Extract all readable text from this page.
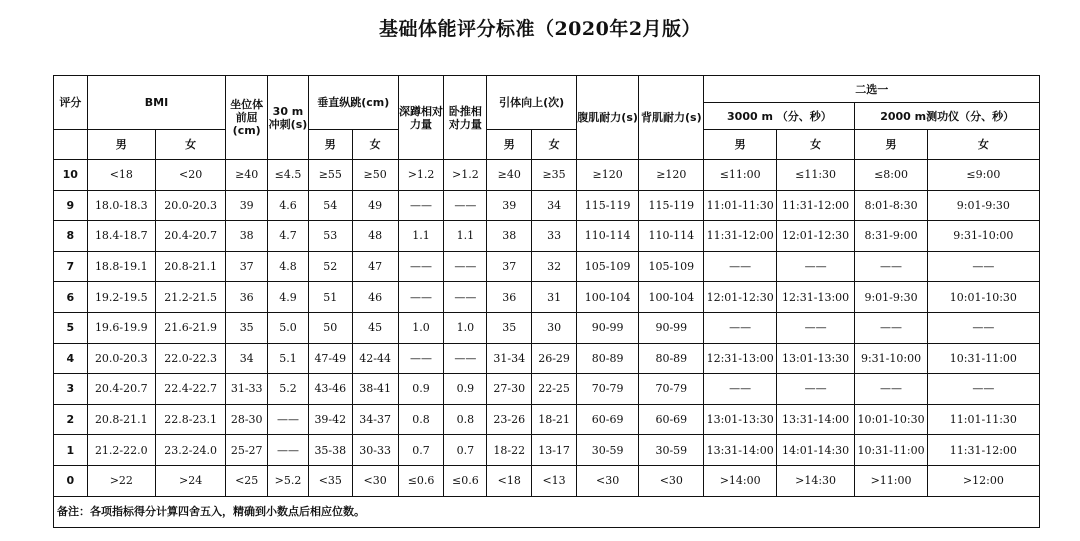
基础体能评分标准（2020年2月版）
评分	BMI		坐位体前屈(cm)	30 m冲刺(s)	垂直纵跳(cm)		深蹲相对力量	卧推相对力量	引体向上(次)		腹肌耐力(s)	背肌耐力(s)	二选一			
													3000 m （分、秒）		2000 m测功仪（分、秒）	
	男	女			男	女			男	女			男	女	男	女
10	<18	<20	≥40	≤4.5	≥55	≥50	>1.2	>1.2	≥40	≥35	≥120	≥120	≤11:00	≤11:30	≤8:00	≤9:00
9	18.0-18.3	20.0-20.3	39	4.6	54	49	——	——	39	34	115-119	115-119	11:01-11:30	11:31-12:00	8:01-8:30	9:01-9:30
8	18.4-18.7	20.4-20.7	38	4.7	53	48	1.1	1.1	38	33	110-114	110-114	11:31-12:00	12:01-12:30	8:31-9:00	9:31-10:00
7	18.8-19.1	20.8-21.1	37	4.8	52	47	——	——	37	32	105-109	105-109	——	——	——	——
6	19.2-19.5	21.2-21.5	36	4.9	51	46	——	——	36	31	100-104	100-104	12:01-12:30	12:31-13:00	9:01-9:30	10:01-10:30
5	19.6-19.9	21.6-21.9	35	5.0	50	45	1.0	1.0	35	30	90-99	90-99	——	——	——	——
4	20.0-20.3	22.0-22.3	34	5.1	47-49	42-44	——	——	31-34	26-29	80-89	80-89	12:31-13:00	13:01-13:30	9:31-10:00	10:31-11:00
3	20.4-20.7	22.4-22.7	31-33	5.2	43-46	38-41	0.9	0.9	27-30	22-25	70-79	70-79	——	——	——	——
2	20.8-21.1	22.8-23.1	28-30	——	39-42	34-37	0.8	0.8	23-26	18-21	60-69	60-69	13:01-13:30	13:31-14:00	10:01-10:30	11:01-11:30
1	21.2-22.0	23.2-24.0	25-27	——	35-38	30-33	0.7	0.7	18-22	13-17	30-59	30-59	13:31-14:00	14:01-14:30	10:31-11:00	11:31-12:00
0	>22	>24	<25	>5.2	<35	<30	≤0.6	≤0.6	<18	<13	<30	<30	>14:00	>14:30	>11:00	>12:00
备注：各项指标得分计算四舍五入，精确到小数点后相应位数。																
